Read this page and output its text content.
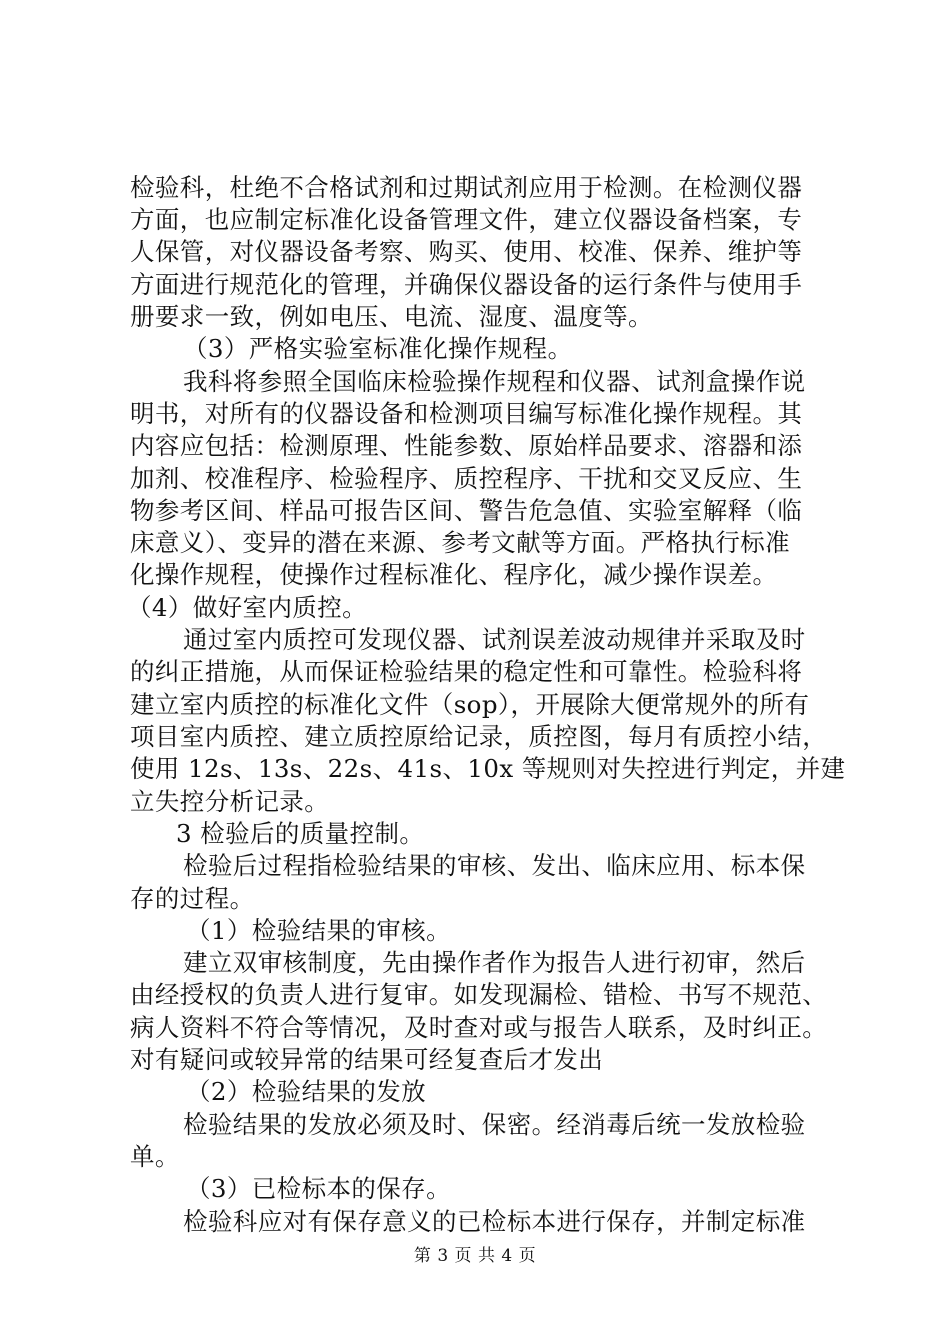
检验科，杜绝不合格试剂和过期试剂应用于检测。在检测仪器
方面，也应制定标准化设备管理文件，建立仪器设备档案，专
人保管，对仪器设备考察、购买、使用、校准、保养、维护等
方面进行规范化的管理，并确保仪器设备的运行条件与使用手
册要求一致，例如电压、电流、湿度、温度等。
（3）严格实验室标准化操作规程。
我科将参照全国临床检验操作规程和仪器、试剂盒操作说
明书，对所有的仪器设备和检测项目编写标准化操作规程。其
内容应包括：检测原理、性能参数、原始样品要求、溶器和添
加剂、校准程序、检验程序、质控程序、干扰和交叉反应、生
物参考区间、样品可报告区间、警告危急值、实验室解释（临
床意义）、变异的潜在来源、参考文献等方面。严格执行标准
化操作规程，使操作过程标准化、程序化，减少操作误差。
（4）做好室内质控。
通过室内质控可发现仪器、试剂误差波动规律并采取及时
的纠正措施，从而保证检验结果的稳定性和可靠性。检验科将
建立室内质控的标准化文件（sop），开展除大便常规外的所有
项目室内质控、建立质控原给记录，质控图，每月有质控小结，
使用 12s、13s、22s、41s、10x 等规则对失控进行判定，并建
立失控分析记录。
3 检验后的质量控制。
检验后过程指检验结果的审核、发出、临床应用、标本保
存的过程。
（1）检验结果的审核。
建立双审核制度，先由操作者作为报告人进行初审，然后
由经授权的负责人进行复审。如发现漏检、错检、书写不规范、
病人资料不符合等情况，及时查对或与报告人联系，及时纠正。
对有疑问或较异常的结果可经复查后才发出
（2）检验结果的发放
检验结果的发放必须及时、保密。经消毒后统一发放检验
单。
（3）已检标本的保存。
检验科应对有保存意义的已检标本进行保存，并制定标准
第 3 页 共 4 页
